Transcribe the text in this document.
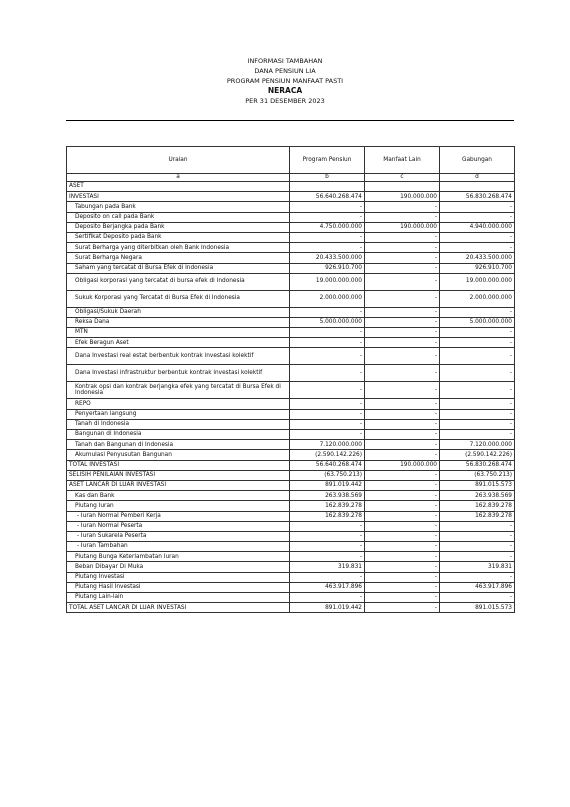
INFORMASI TAMBAHAN
DANA PENSIUN LIA
PROGRAM PENSIUN MANFAAT PASTI
NERACA
PER 31 DESEMBER 2023
Uraian	Program Pensiun	Manfaat Lain	Gabungan
a	b	c	d
ASET			
INVESTASI	56.640.268.474	190.000.000	56.830.268.474
Tabungan pada Bank	-	-	-
Deposito on call pada Bank	-	-	-
Deposito Berjangka pada Bank	4.750.000.000	190.000.000	4.940.000.000
Sertifikat Deposito pada Bank	-	-	-
Surat Berharga yang diterbitkan oleh Bank Indonesia	-	-	-
Surat Berharga Negara	20.433.500.000	-	20.433.500.000
Saham yang tercatat di Bursa Efek di Indonesia	926.910.700	-	926.910.700
Obligasi korporasi yang tercatat di bursa efek di Indonesia	19.000.000.000	-	19.000.000.000
Sukuk Korporasi yang Tercatat di Bursa Efek di Indonesia	2.000.000.000	-	2.000.000.000
Obligasi/Sukuk Daerah	-	-	-
Reksa Dana	5.000.000.000	-	5.000.000.000
MTN	-	-	-
Efek Beragun Aset	-	-	-
Dana Investasi real estat berbentuk kontrak investasi kolektif	-	-	-
Dana Investasi infrastruktur berbentuk kontrak investasi kolektif	-	-	-
Kontrak opsi dan kontrak berjangka efek yang tercatat di Bursa Efek di Indonesia	-	-	-
REPO	-	-	-
Penyertaan langsung	-	-	-
Tanah di Indonesia	-	-	-
Bangunan di Indonesia	-	-	-
Tanah dan Bangunan di Indonesia	7.120.000.000	-	7.120.000.000
Akumulasi Penyusutan Bangunan	(2.590.142.226)	-	(2.590.142.226)
TOTAL INVESTASI	56.640.268.474	190.000.000	56.830.268.474
SELISIH PENILAIAN INVESTASI	(63.750.213)	-	(63.750.213)
ASET LANCAR DI LUAR INVESTASI	891.019.442	-	891.015.573
Kas dan Bank	263.938.569	-	263.938.569
Piutang Iuran	162.839.278	-	162.839.278
- Iuran Normal Pemberi Kerja	162.839.278	-	162.839.278
- Iuran Normal Peserta	-	-	-
- Iuran Sukarela Peserta	-	-	-
- Iuran Tambahan	-	-	-
Piutang Bunga Keterlambatan Iuran	-	-	-
Beban Dibayar Di Muka	319.831	-	319.831
Piutang Investasi	-	-	-
Piutang Hasil Investasi	463.917.896	-	463.917.896
Piutang Lain-lain	-	-	-
TOTAL ASET LANCAR DI LUAR INVESTASI	891.019.442	-	891.015.573
